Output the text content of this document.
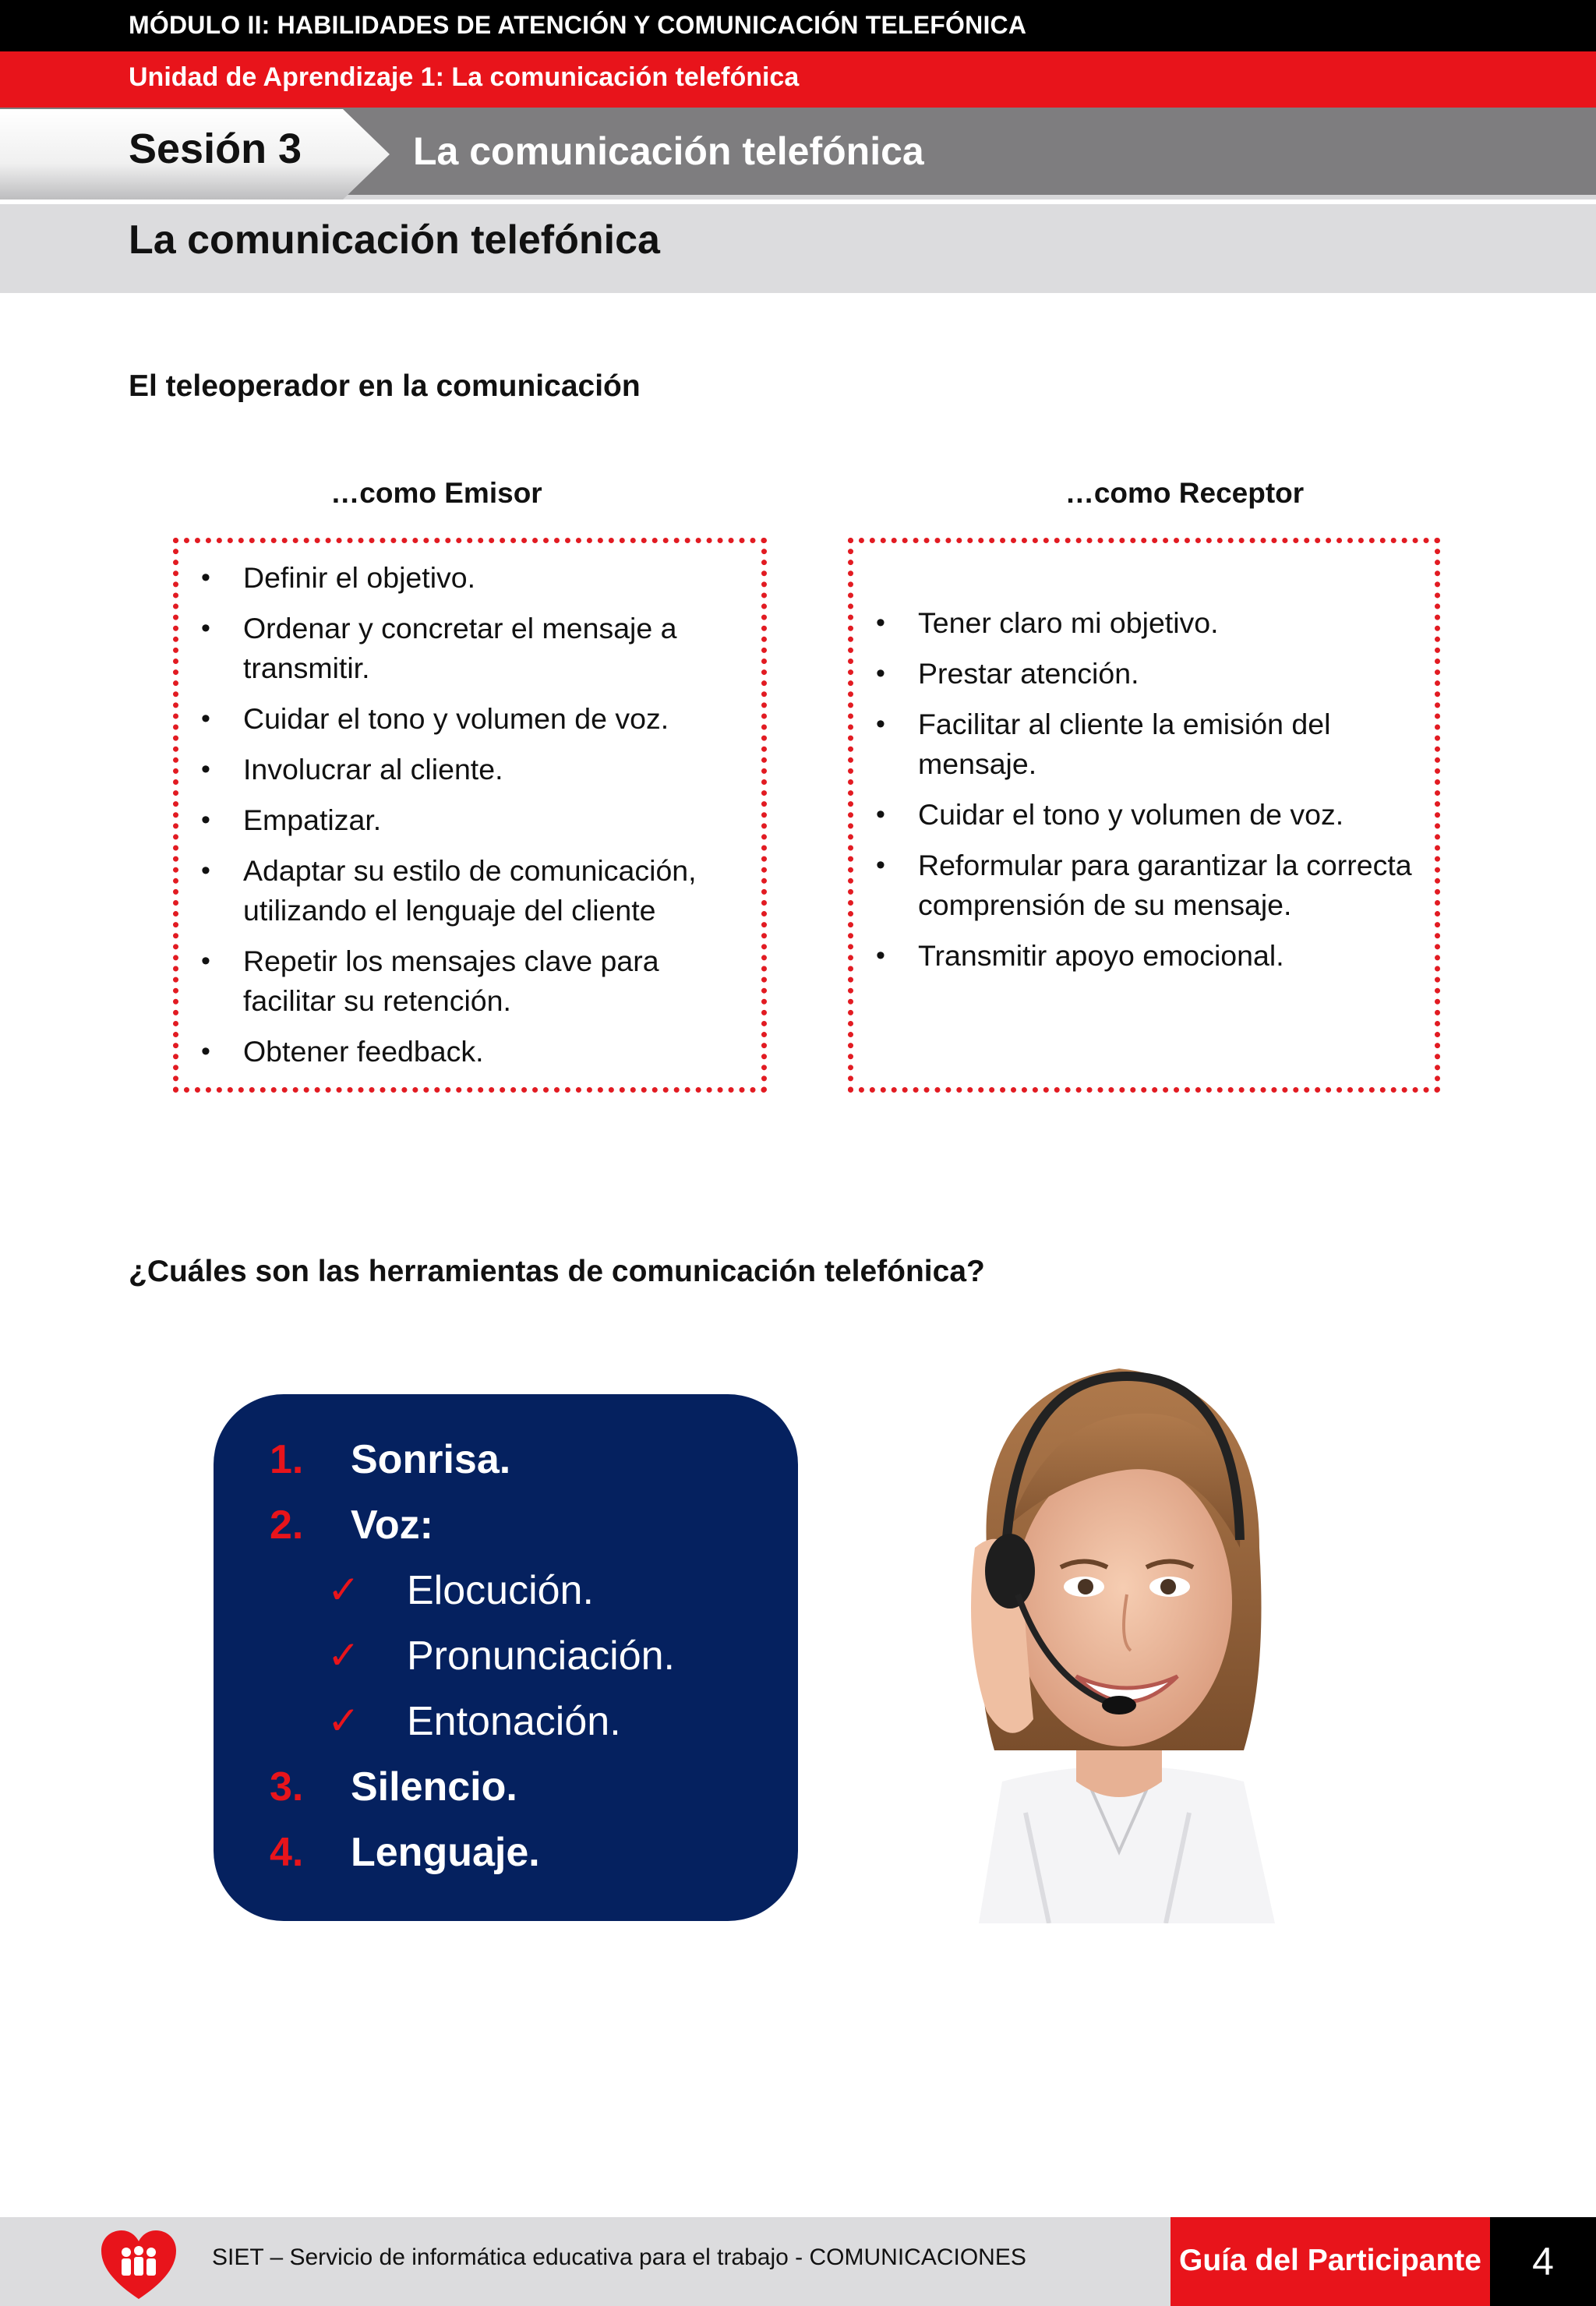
MÓDULO II: HABILIDADES DE ATENCIÓN Y COMUNICACIÓN TELEFÓNICA
Unidad de Aprendizaje 1: La comunicación telefónica
Sesión 3	La comunicación telefónica
La comunicación telefónica
El teleoperador en la comunicación
…como Emisor	…como Receptor
• Definir el objetivo.
• Ordenar y concretar el mensaje a transmitir.
• Cuidar el tono y volumen de voz.
• Involucrar al cliente.
• Empatizar.
• Adaptar su estilo de comunicación, utilizando el lenguaje del cliente
• Repetir los mensajes clave para facilitar su retención.
• Obtener feedback.
• Tener claro mi objetivo.
• Prestar atención.
• Facilitar al cliente la emisión del mensaje.
• Cuidar el tono y volumen de voz.
• Reformular para garantizar la correcta comprensión de su mensaje.
• Transmitir apoyo emocional.
¿Cuáles son las herramientas de comunicación telefónica?
1. Sonrisa.
2. Voz:
✓ Elocución.
✓ Pronunciación.
✓ Entonación.
3. Silencio.
4. Lenguaje.
SIET – Servicio de informática educativa para el trabajo - COMUNICACIONES	Guía del Participante	4
